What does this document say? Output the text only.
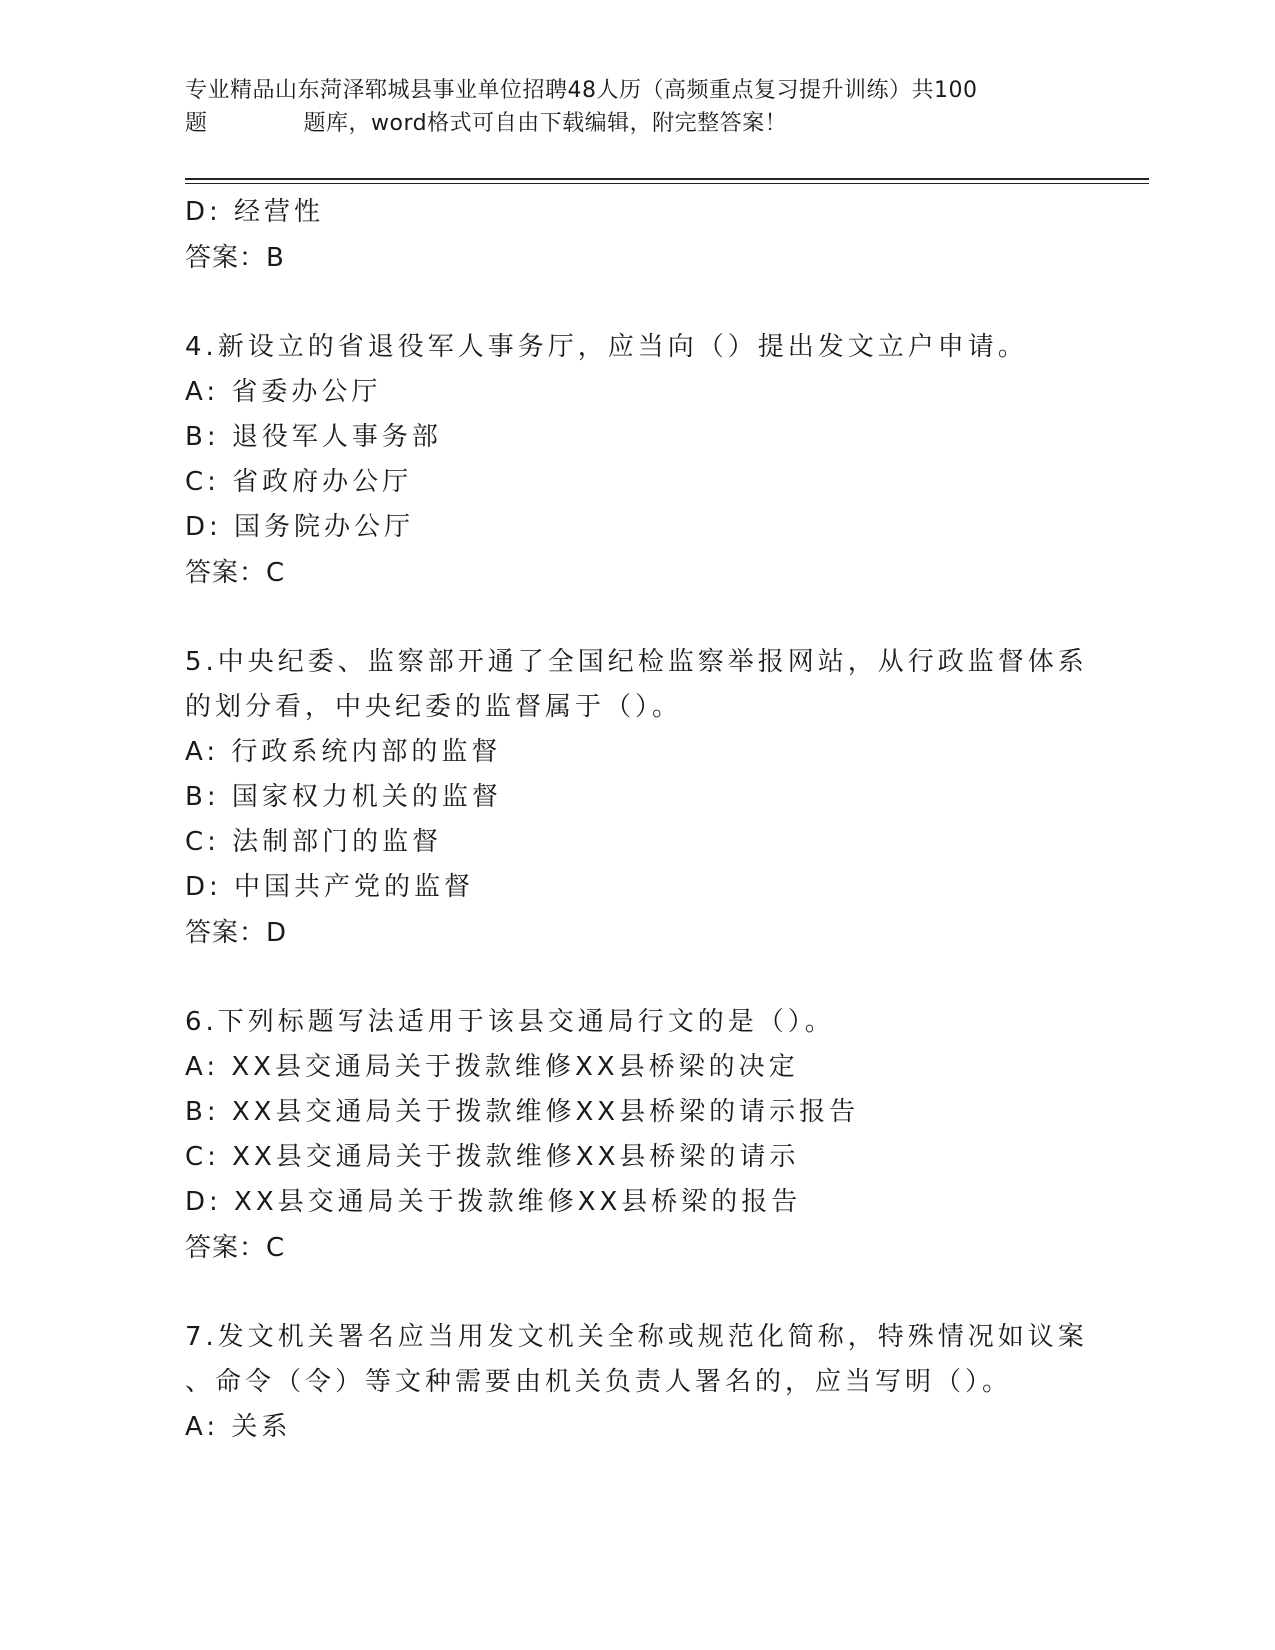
专业精品山东菏泽郓城县事业单位招聘48人历（高频重点复习提升训练）共100
题	题库，word格式可自由下载编辑，附完整答案！
D: 经营性
答案：B
4.新设立的省退役军人事务厅，应当向（）提出发文立户申请。
A: 省委办公厅
B: 退役军人事务部
C: 省政府办公厅
D: 国务院办公厅
答案：C
5.中央纪委、监察部开通了全国纪检监察举报网站，从行政监督体系
的划分看，中央纪委的监督属于（）。
A: 行政系统内部的监督
B: 国家权力机关的监督
C: 法制部门的监督
D: 中国共产党的监督
答案：D
6.下列标题写法适用于该县交通局行文的是（）。
A: XX县交通局关于拨款维修XX县桥梁的决定
B: XX县交通局关于拨款维修XX县桥梁的请示报告
C: XX县交通局关于拨款维修XX县桥梁的请示
D: XX县交通局关于拨款维修XX县桥梁的报告
答案：C
7.发文机关署名应当用发文机关全称或规范化简称，特殊情况如议案
、命令（令）等文种需要由机关负责人署名的，应当写明（）。
A: 关系
